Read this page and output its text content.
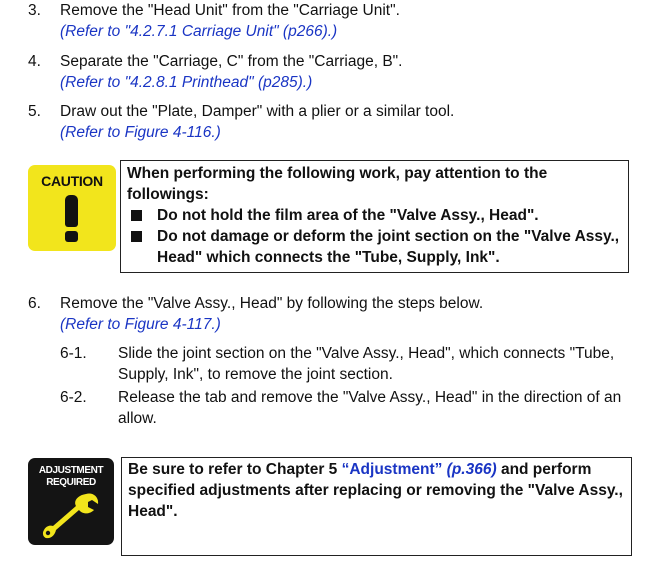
3. Remove the "Head Unit" from the "Carriage Unit".
(Refer to "4.2.7.1 Carriage Unit" (p266).)
4. Separate the "Carriage, C" from the "Carriage, B".
(Refer to "4.2.8.1 Printhead" (p285).)
5. Draw out the "Plate, Damper" with a plier or a similar tool.
(Refer to Figure 4-116.)
CAUTION	When performing the following work, pay attention to the followings:
Do not hold the film area of the "Valve Assy., Head".
Do not damage or deform the joint section on the "Valve Assy., Head" which connects the "Tube, Supply, Ink".
6. Remove the "Valve Assy., Head" by following the steps below.
(Refer to Figure 4-117.)
6-1. Slide the joint section on the "Valve Assy., Head", which connects "Tube, Supply, Ink", to remove the joint section.
6-2. Release the tab and remove the "Valve Assy., Head" in the direction of an allow.
ADJUSTMENT
REQUIRED
Be sure to refer to Chapter 5 “Adjustment” (p.366) and perform specified adjustments after replacing or removing the "Valve Assy., Head".
